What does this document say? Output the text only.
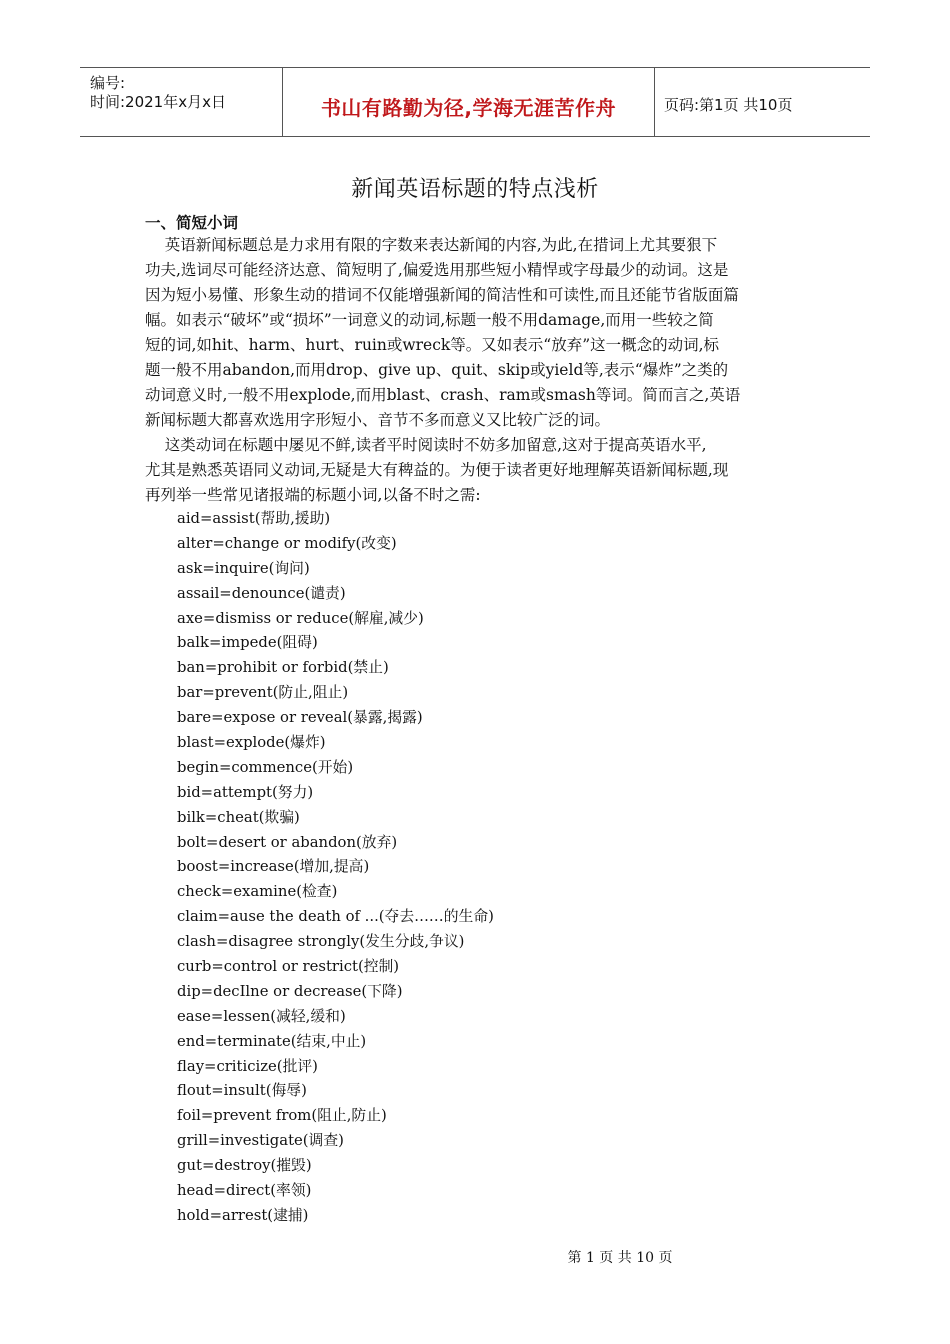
编号:
时间:2021年x月x日	书山有路勤为径,学海无涯苦作舟	页码:第1页 共10页
新闻英语标题的特点浅析
一、简短小词
英语新闻标题总是力求用有限的字数来表达新闻的内容,为此,在措词上尤其要狠下
功夫,选词尽可能经济达意、简短明了,偏爱选用那些短小精悍或字母最少的动词。这是
因为短小易懂、形象生动的措词不仅能增强新闻的简洁性和可读性,而且还能节省版面篇
幅。如表示“破坏”或“损坏”一词意义的动词,标题一般不用damage,而用一些较之简
短的词,如hit、harm、hurt、ruin或wreck等。又如表示“放弃”这一概念的动词,标
题一般不用abandon,而用drop、give up、quit、skip或yield等,表示“爆炸”之类的
动词意义时,一般不用explode,而用blast、crash、ram或smash等词。简而言之,英语
新闻标题大都喜欢选用字形短小、音节不多而意义又比较广泛的词。
这类动词在标题中屡见不鲜,读者平时阅读时不妨多加留意,这对于提高英语水平,
尤其是熟悉英语同义动词,无疑是大有稗益的。为便于读者更好地理解英语新闻标题,现
再列举一些常见诸报端的标题小词,以备不时之需:
aid=assist(帮助,援助)
alter=change or modify(改变)
ask=inquire(询问)
assail=denounce(谴责)
axe=dismiss or reduce(解雇,减少)
balk=impede(阻碍)
ban=prohibit or forbid(禁止)
bar=prevent(防止,阻止)
bare=expose or reveal(暴露,揭露)
blast=explode(爆炸)
begin=commence(开始)
bid=attempt(努力)
bilk=cheat(欺骗)
bolt=desert or abandon(放弃)
boost=increase(增加,提高)
check=examine(检查)
claim=ause the death of ...(夺去……的生命)
clash=disagree strongly(发生分歧,争议)
curb=control or restrict(控制)
dip=decIlne or decrease(下降)
ease=lessen(减轻,缓和)
end=terminate(结束,中止)
flay=criticize(批评)
flout=insult(侮辱)
foil=prevent from(阻止,防止)
grill=investigate(调查)
gut=destroy(摧毁)
head=direct(率领)
hold=arrest(逮捕)
第 1 页 共 10 页
